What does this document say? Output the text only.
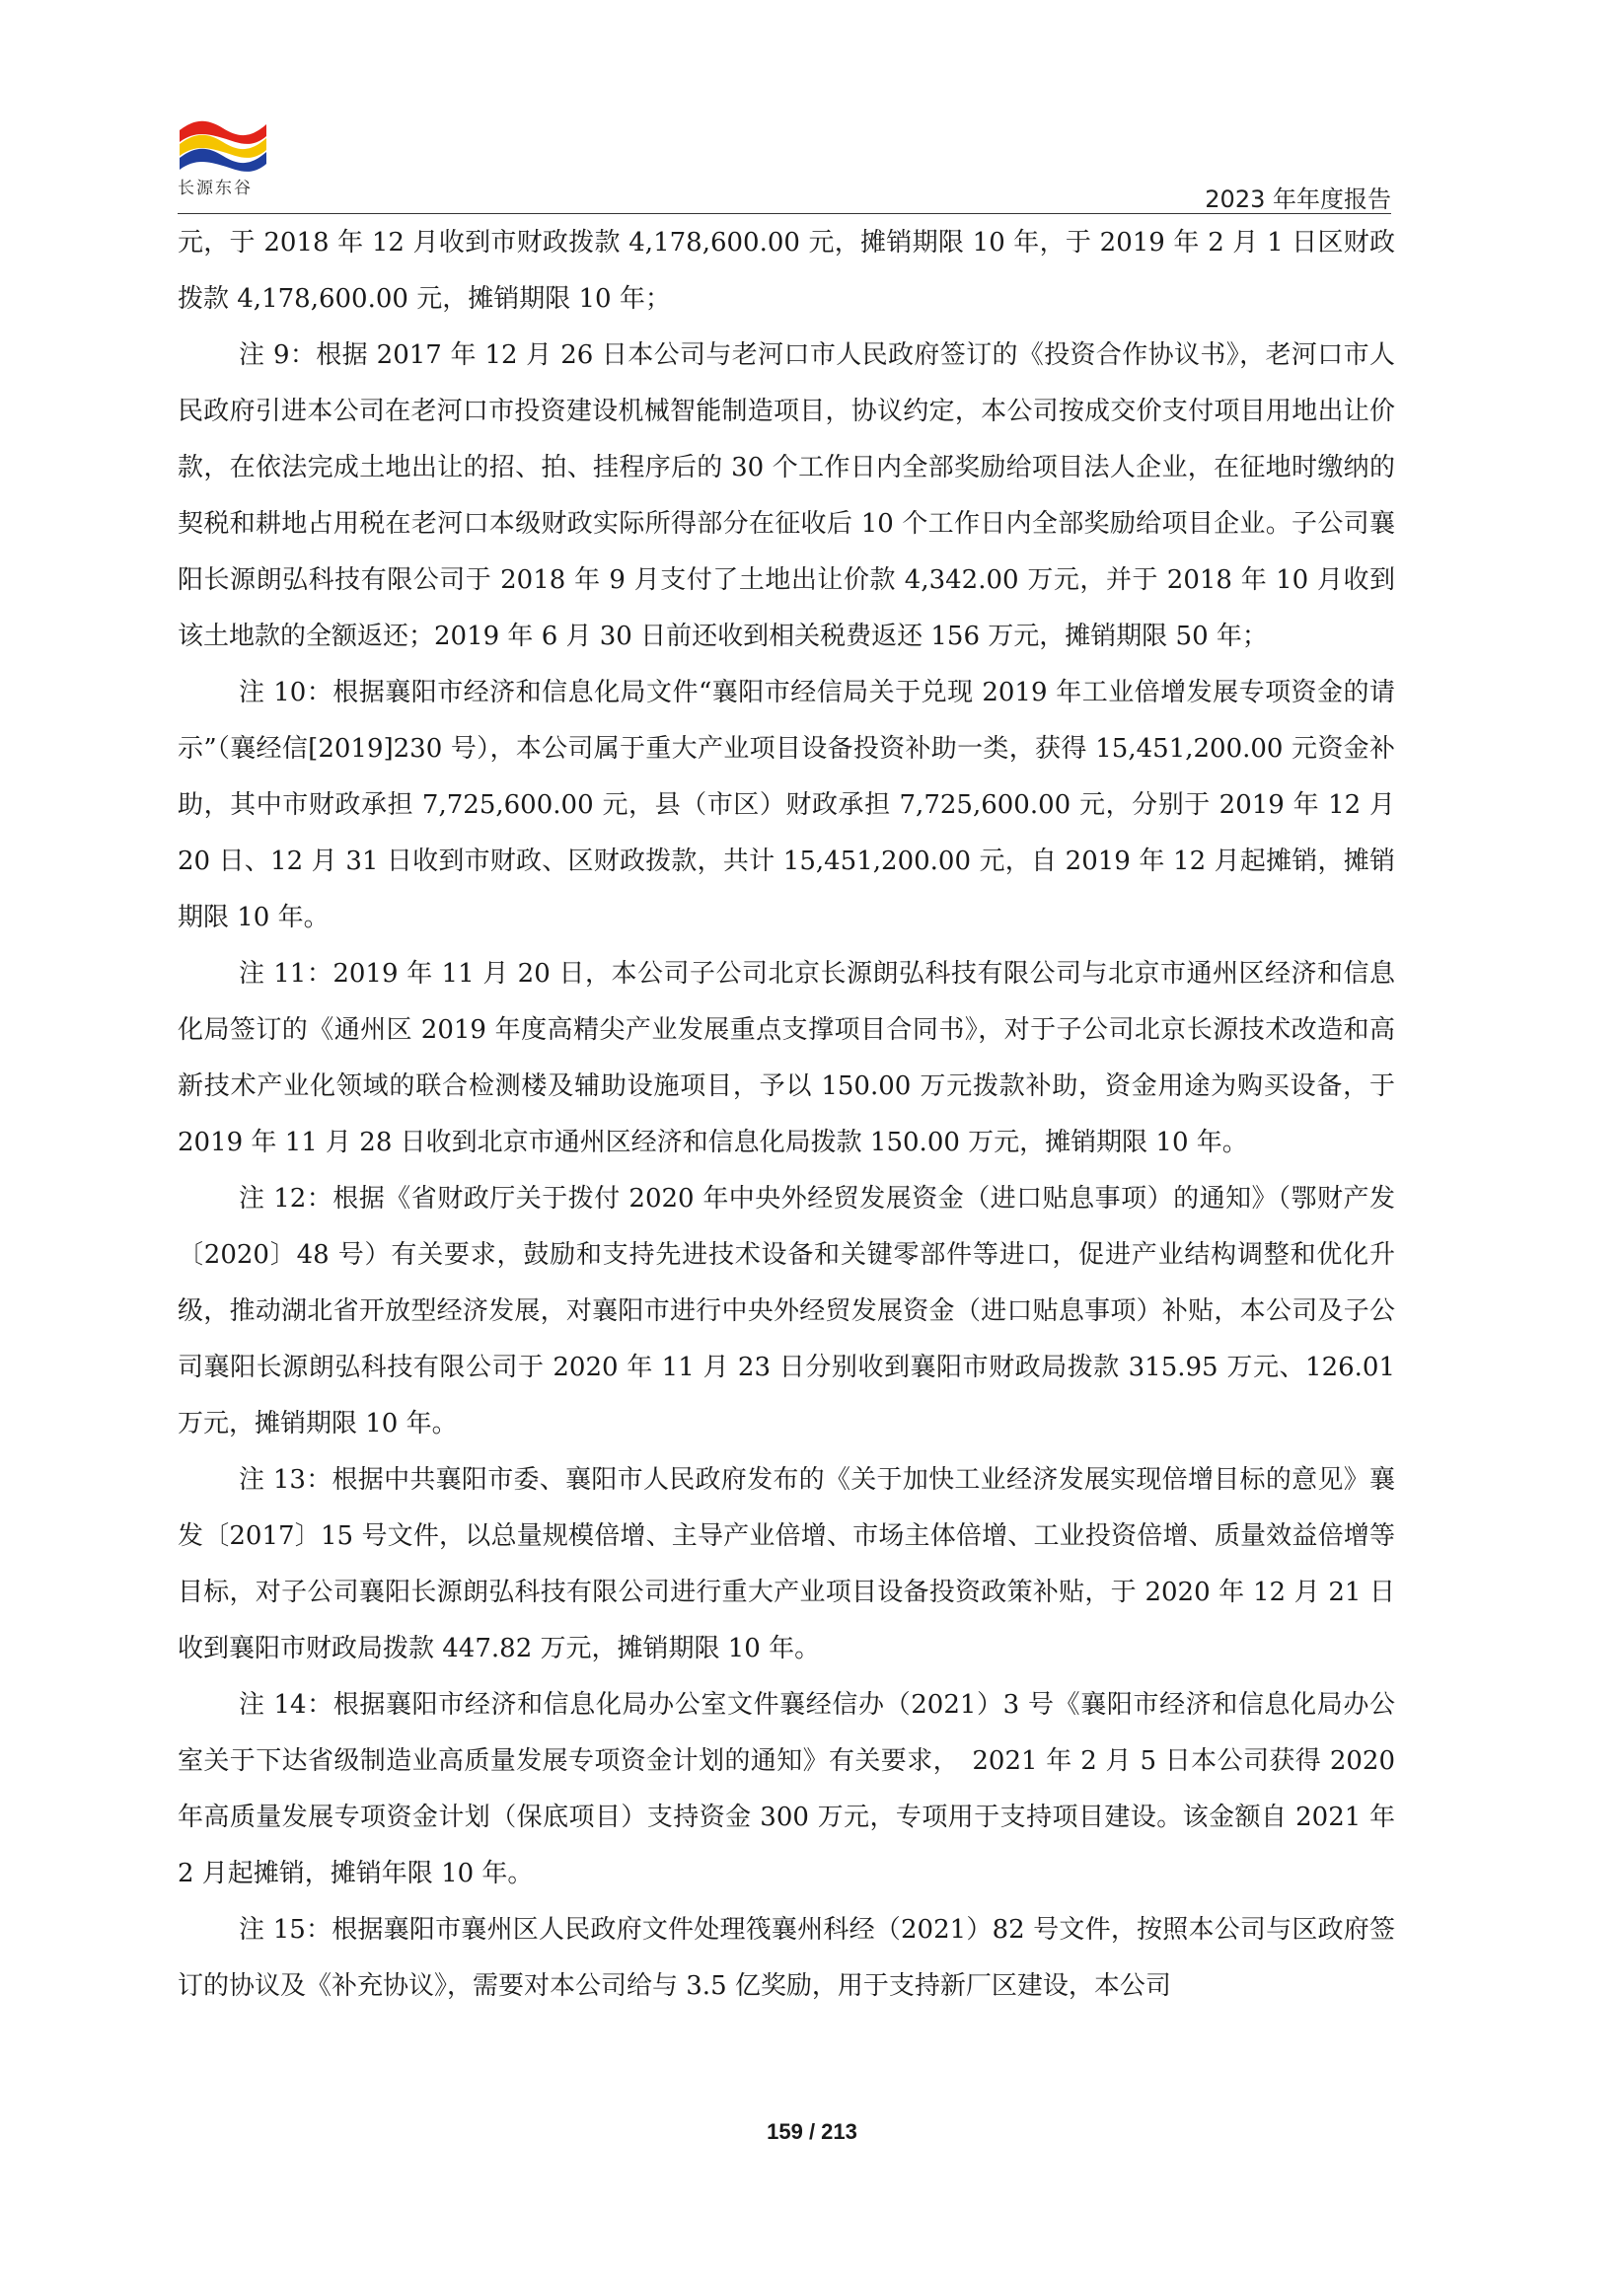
长源东谷	2023 年年度报告

元，于 2018 年 12 月收到市财政拨款 4,178,600.00 元，摊销期限 10 年，于 2019 年 2 月 1 日区财政拨款 4,178,600.00 元，摊销期限 10 年；

注 9：根据 2017 年 12 月 26 日本公司与老河口市人民政府签订的《投资合作协议书》，老河口市人民政府引进本公司在老河口市投资建设机械智能制造项目，协议约定，本公司按成交价支付项目用地出让价款，在依法完成土地出让的招、拍、挂程序后的 30 个工作日内全部奖励给项目法人企业，在征地时缴纳的契税和耕地占用税在老河口本级财政实际所得部分在征收后 10 个工作日内全部奖励给项目企业。子公司襄阳长源朗弘科技有限公司于 2018 年 9 月支付了土地出让价款 4,342.00 万元，并于 2018 年 10 月收到该土地款的全额返还；2019 年 6 月 30 日前还收到相关税费返还 156 万元，摊销期限 50 年；

注 10：根据襄阳市经济和信息化局文件“襄阳市经信局关于兑现 2019 年工业倍增发展专项资金的请示”（襄经信[2019]230 号），本公司属于重大产业项目设备投资补助一类，获得 15,451,200.00 元资金补助，其中市财政承担 7,725,600.00 元，县（市区）财政承担 7,725,600.00 元，分别于 2019 年 12 月 20 日、12 月 31 日收到市财政、区财政拨款，共计 15,451,200.00 元，自 2019 年 12 月起摊销，摊销期限 10 年。

注 11：2019 年 11 月 20 日，本公司子公司北京长源朗弘科技有限公司与北京市通州区经济和信息化局签订的《通州区 2019 年度高精尖产业发展重点支撑项目合同书》，对于子公司北京长源技术改造和高新技术产业化领域的联合检测楼及辅助设施项目，予以 150.00 万元拨款补助，资金用途为购买设备，于 2019 年 11 月 28 日收到北京市通州区经济和信息化局拨款 150.00 万元，摊销期限 10 年。

注 12：根据《省财政厅关于拨付 2020 年中央外经贸发展资金（进口贴息事项）的通知》（鄂财产发〔2020〕48 号）有关要求，鼓励和支持先进技术设备和关键零部件等进口，促进产业结构调整和优化升级，推动湖北省开放型经济发展，对襄阳市进行中央外经贸发展资金（进口贴息事项）补贴，本公司及子公司襄阳长源朗弘科技有限公司于 2020 年 11 月 23 日分别收到襄阳市财政局拨款 315.95 万元、126.01 万元，摊销期限 10 年。

注 13：根据中共襄阳市委、襄阳市人民政府发布的《关于加快工业经济发展实现倍增目标的意见》襄发〔2017〕15 号文件，以总量规模倍增、主导产业倍增、市场主体倍增、工业投资倍增、质量效益倍增等目标，对子公司襄阳长源朗弘科技有限公司进行重大产业项目设备投资政策补贴，于 2020 年 12 月 21 日收到襄阳市财政局拨款 447.82 万元，摊销期限 10 年。

注 14：根据襄阳市经济和信息化局办公室文件襄经信办（2021）3 号《襄阳市经济和信息化局办公室关于下达省级制造业高质量发展专项资金计划的通知》有关要求，　2021 年 2 月 5 日本公司获得 2020 年高质量发展专项资金计划（保底项目）支持资金 300 万元，专项用于支持项目建设。该金额自 2021 年 2 月起摊销，摊销年限 10 年。

注 15：根据襄阳市襄州区人民政府文件处理筏襄州科经（2021）82 号文件，按照本公司与区政府签订的协议及《补充协议》，需要对本公司给与 3.5 亿奖励，用于支持新厂区建设，本公司

159 / 213
